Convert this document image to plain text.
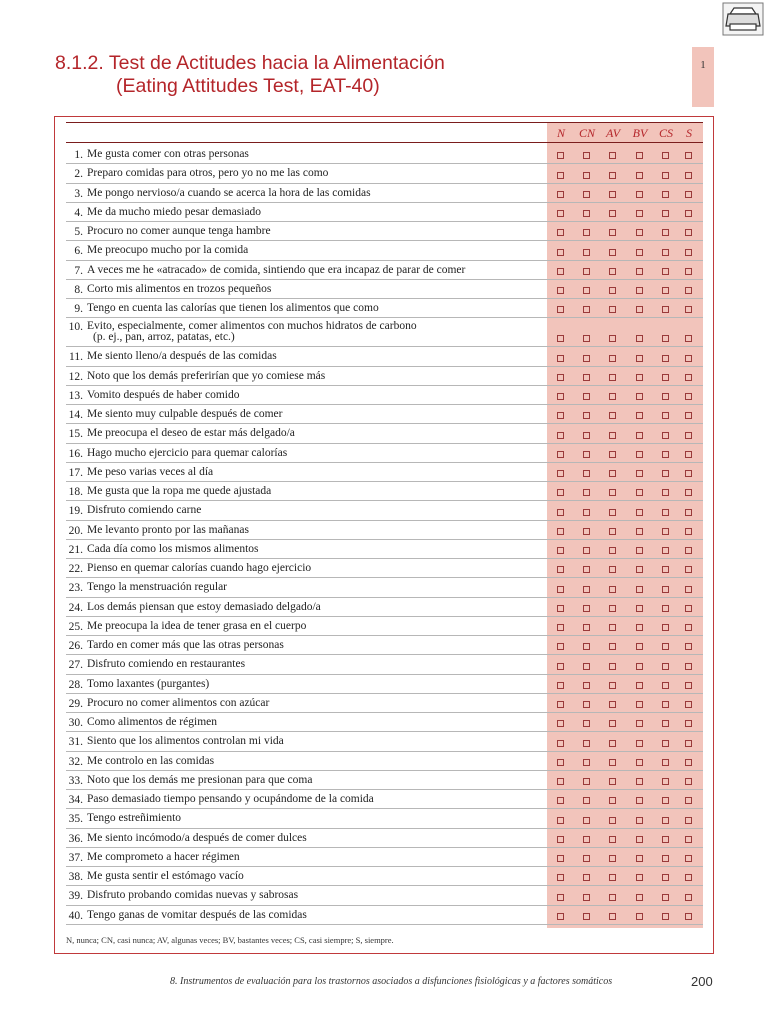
8.1.2. Test de Actitudes hacia la Alimentación
(Eating Attitudes Test, EAT-40)
1
N	CN AV	BV CS	S
1. Me gusta comer con otras personas
2. Preparo comidas para otros, pero yo no me las como
3. Me pongo nervioso/a cuando se acerca la hora de las comidas
4. Me da mucho miedo pesar demasiado
5. Procuro no comer aunque tenga hambre
6. Me preocupo mucho por la comida
7. A veces me he «atracado» de comida, sintiendo que era incapaz de parar de comer
8. Corto mis alimentos en trozos pequeños
9. Tengo en cuenta las calorías que tienen los alimentos que como
10. Evito, especialmente, comer alimentos con muchos hidratos de carbono
(p. ej., pan, arroz, patatas, etc.)
11. Me siento lleno/a después de las comidas
12. Noto que los demás preferirían que yo comiese más
13. Vomito después de haber comido
14. Me siento muy culpable después de comer
15. Me preocupa el deseo de estar más delgado/a
16. Hago mucho ejercicio para quemar calorías
17. Me peso varias veces al día
18. Me gusta que la ropa me quede ajustada
19. Disfruto comiendo carne
20. Me levanto pronto por las mañanas
21. Cada día como los mismos alimentos
22. Pienso en quemar calorías cuando hago ejercicio
23. Tengo la menstruación regular
24. Los demás piensan que estoy demasiado delgado/a
25. Me preocupa la idea de tener grasa en el cuerpo
26. Tardo en comer más que las otras personas
27. Disfruto comiendo en restaurantes
28. Tomo laxantes (purgantes)
29. Procuro no comer alimentos con azúcar
30. Como alimentos de régimen
31. Siento que los alimentos controlan mi vida
32. Me controlo en las comidas
33. Noto que los demás me presionan para que coma
34. Paso demasiado tiempo pensando y ocupándome de la comida
35. Tengo estreñimiento
36. Me siento incómodo/a después de comer dulces
37. Me comprometo a hacer régimen
38. Me gusta sentir el estómago vacío
39. Disfruto probando comidas nuevas y sabrosas
40. Tengo ganas de vomitar después de las comidas
N, nunca; CN, casi nunca; AV, algunas veces; BV, bastantes veces; CS, casi siempre; S, siempre.
8. Instrumentos de evaluación para los trastornos asociados a disfunciones fisiológicas y a factores somáticos	200
